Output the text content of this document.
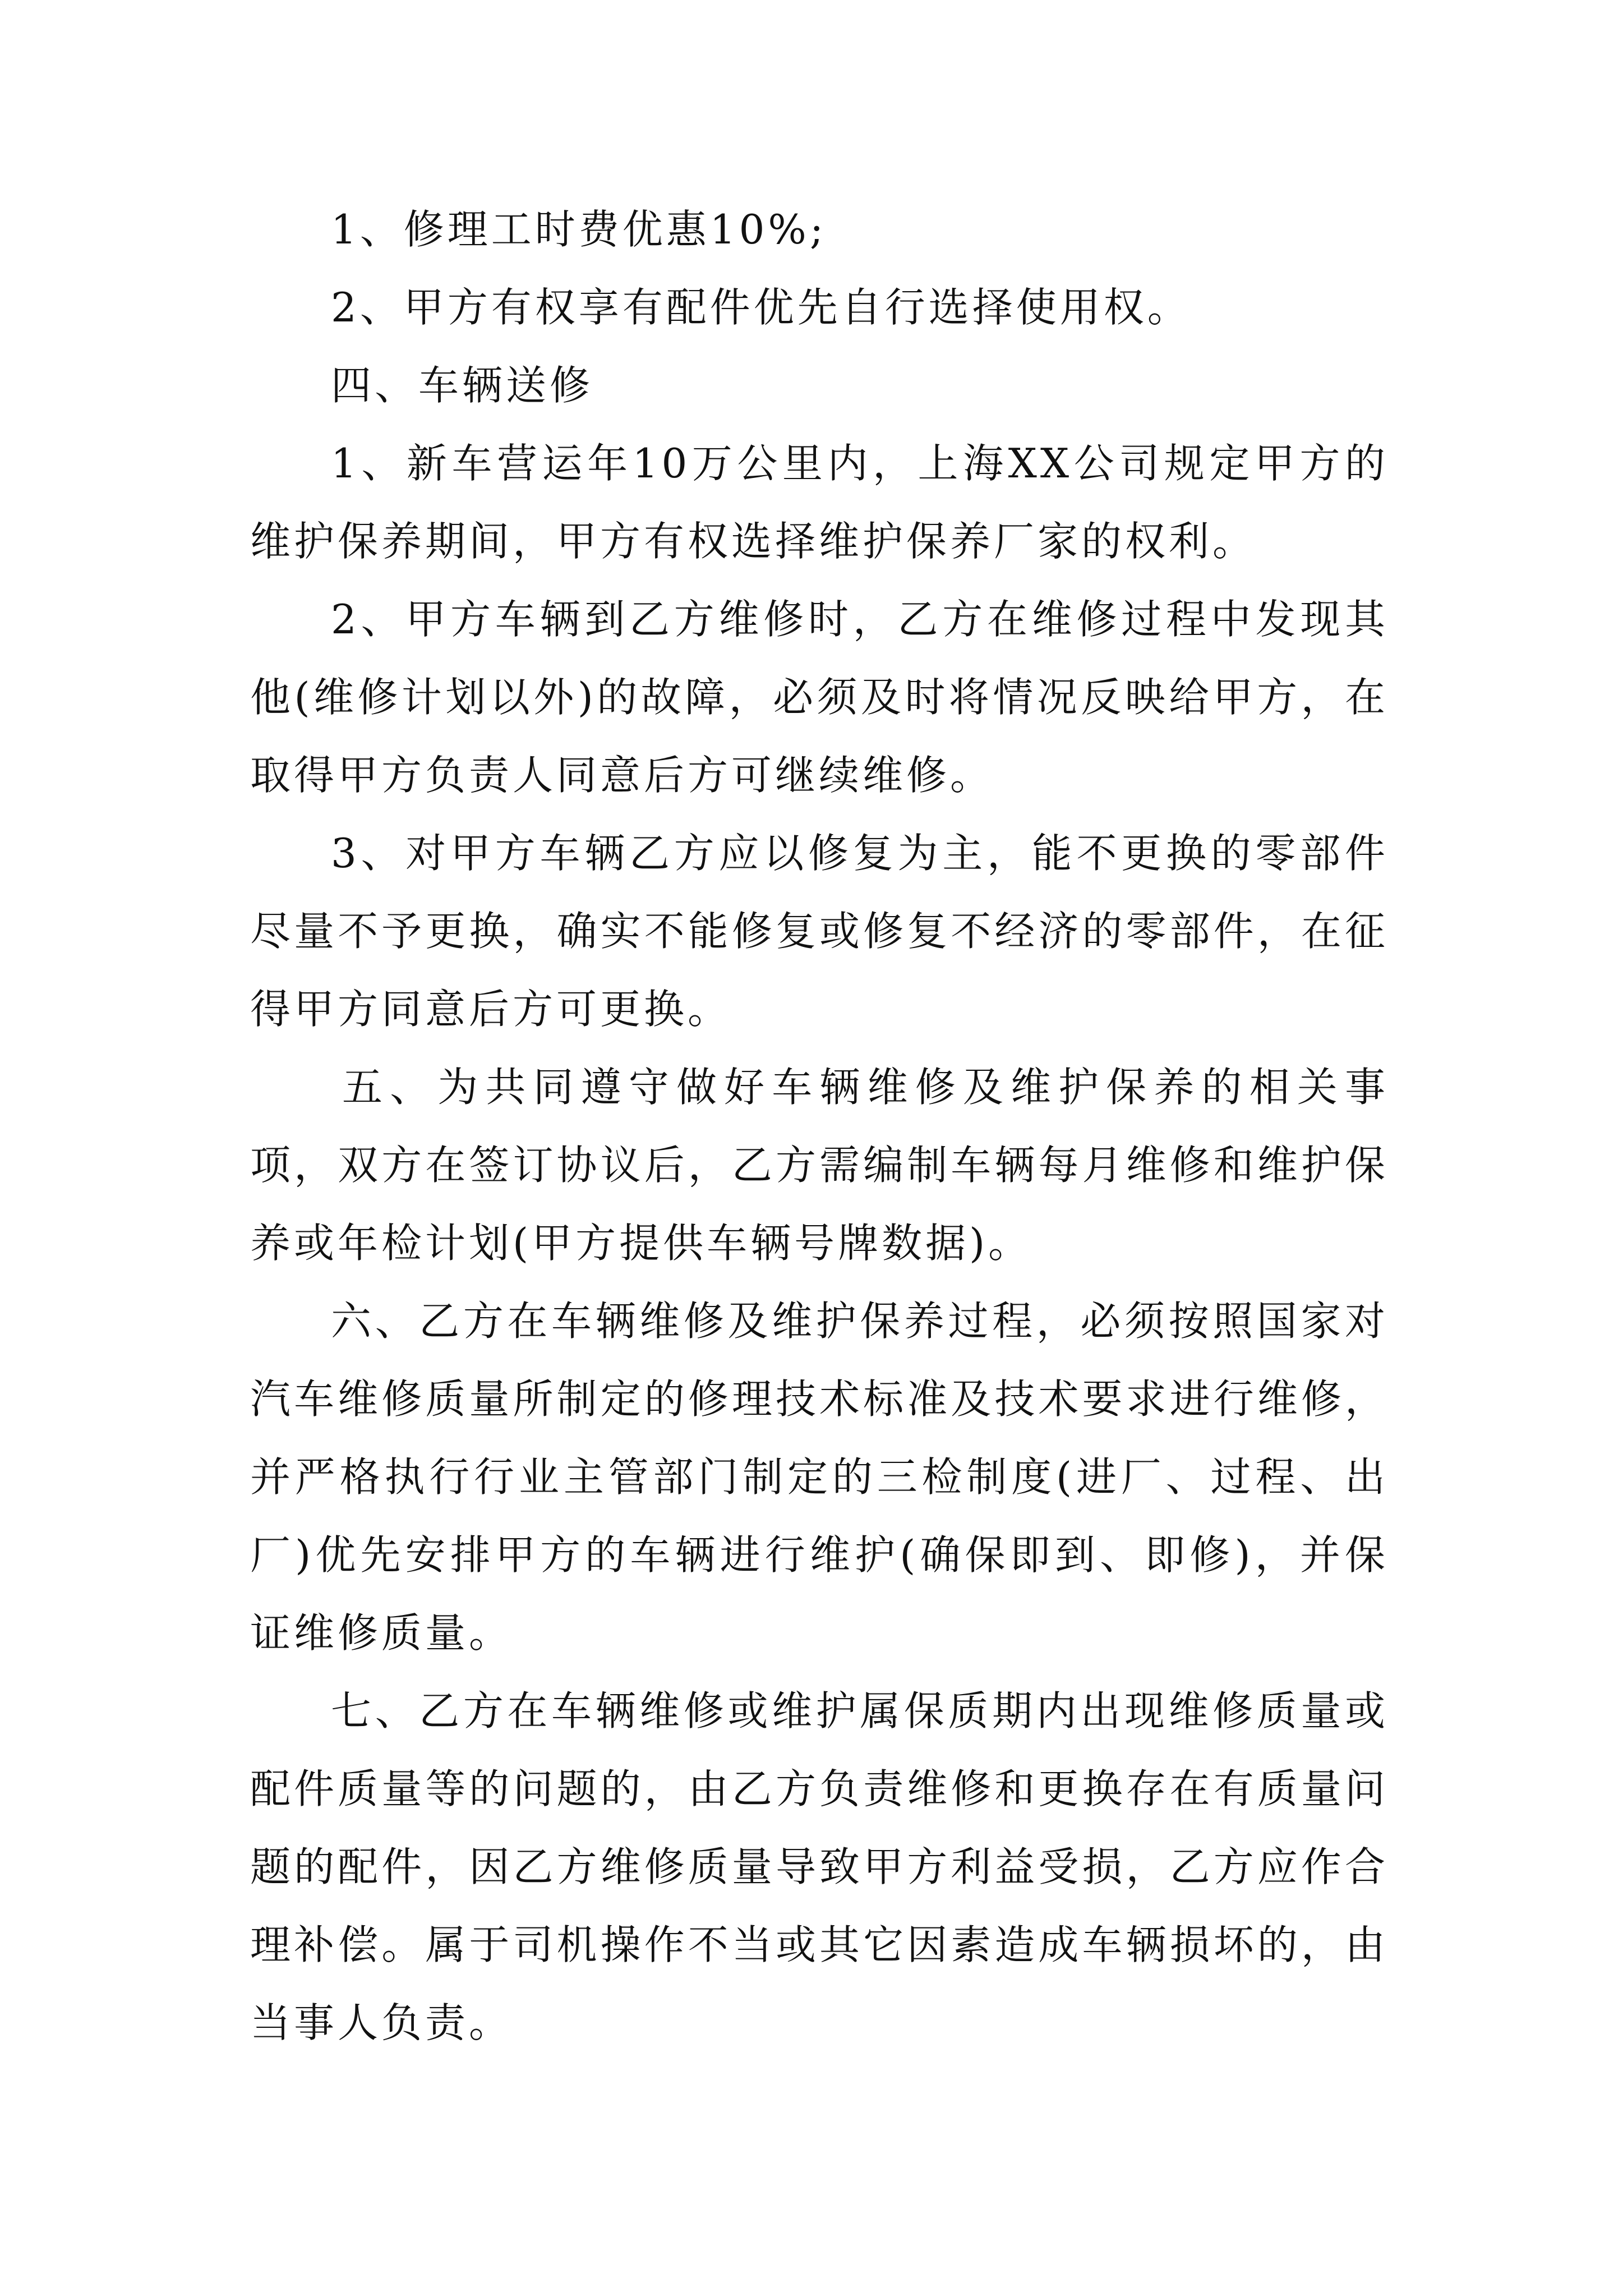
1、修理工时费优惠10%;

2、甲方有权享有配件优先自行选择使用权。

四、车辆送修

1、新车营运年10万公里内，上海XX公司规定甲方的维护保养期间，甲方有权选择维护保养厂家的权利。

2、甲方车辆到乙方维修时，乙方在维修过程中发现其他(维修计划以外)的故障，必须及时将情况反映给甲方，在取得甲方负责人同意后方可继续维修。

3、对甲方车辆乙方应以修复为主，能不更换的零部件尽量不予更换，确实不能修复或修复不经济的零部件，在征得甲方同意后方可更换。

五、为共同遵守做好车辆维修及维护保养的相关事项，双方在签订协议后，乙方需编制车辆每月维修和维护保养或年检计划(甲方提供车辆号牌数据)。

六、乙方在车辆维修及维护保养过程，必须按照国家对汽车维修质量所制定的修理技术标准及技术要求进行维修，并严格执行行业主管部门制定的三检制度(进厂、过程、出厂)优先安排甲方的车辆进行维护(确保即到、即修)，并保证维修质量。

七、乙方在车辆维修或维护属保质期内出现维修质量或配件质量等的问题的，由乙方负责维修和更换存在有质量问题的配件，因乙方维修质量导致甲方利益受损，乙方应作合理补偿。属于司机操作不当或其它因素造成车辆损坏的，由当事人负责。
